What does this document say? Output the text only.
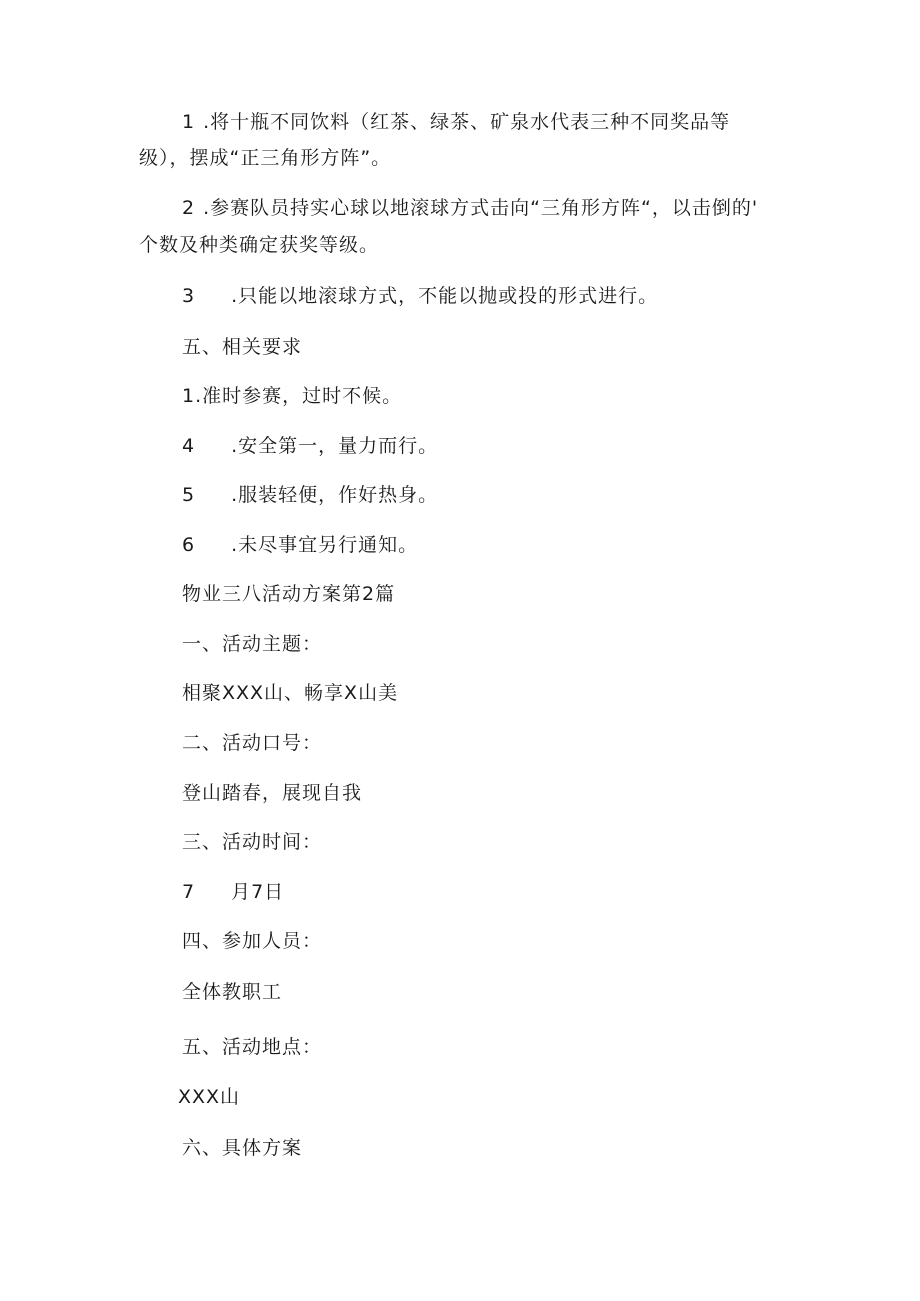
1 .将十瓶不同饮料（红茶、绿茶、矿泉水代表三种不同奖品等
级），摆成“正三角形方阵”。
2 .参赛队员持实心球以地滚球方式击向“三角形方阵“，以击倒的'
个数及种类确定获奖等级。
3 .只能以地滚球方式，不能以抛或投的形式进行。
五、相关要求
1.准时参赛，过时不候。
4 .安全第一，量力而行。
5 .服装轻便，作好热身。
6 .未尽事宜另行通知。
物业三八活动方案第2篇
一、活动主题：
相聚XXX山、畅享X山美
二、活动口号：
登山踏春，展现自我
三、活动时间：
7 月7日
四、参加人员：
全体教职工
五、活动地点：
XXX山
六、具体方案
